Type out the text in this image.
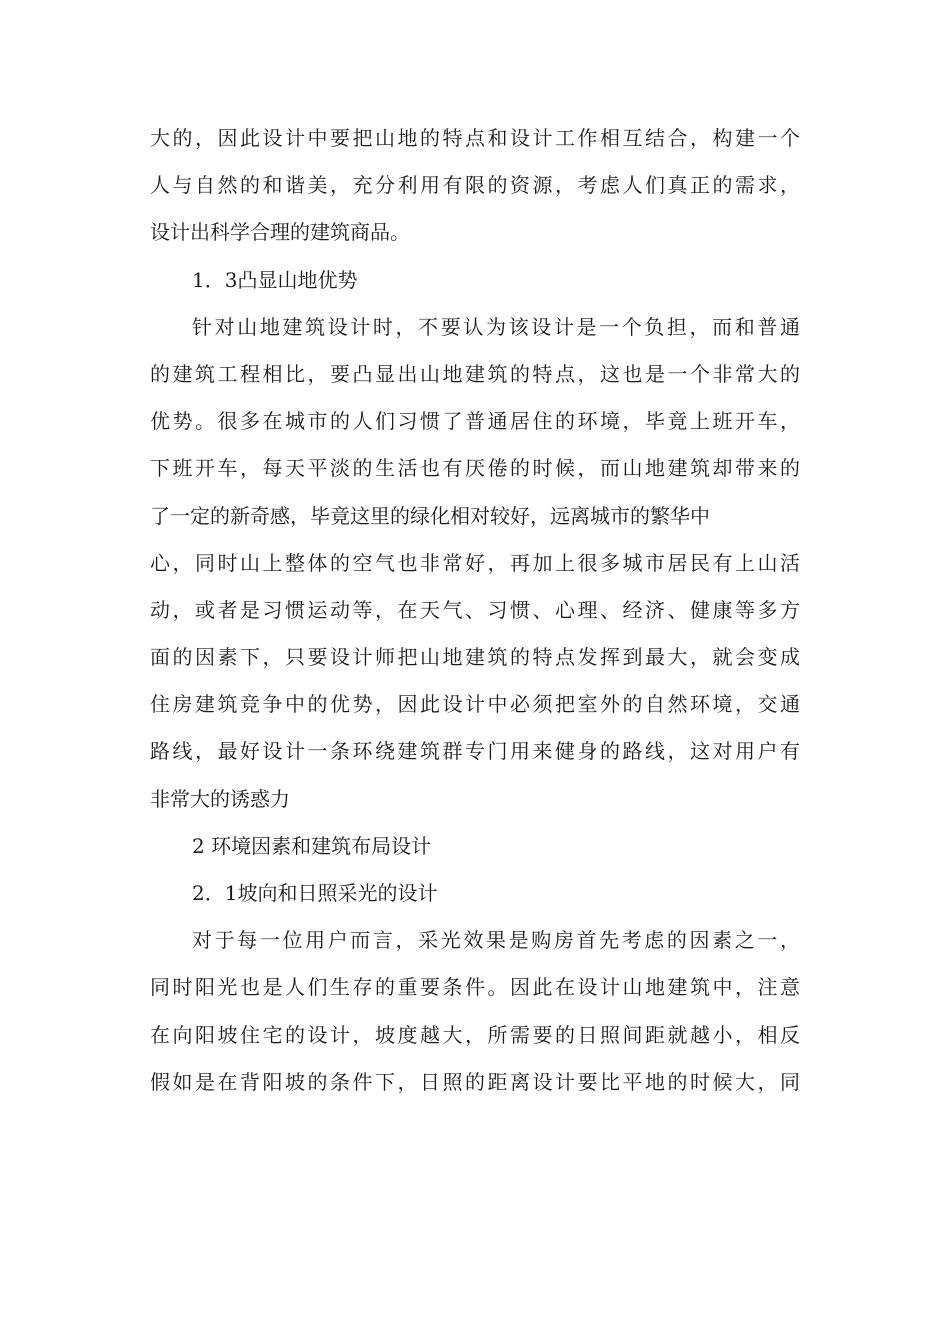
大的，因此设计中要把山地的特点和设计工作相互结合，构建一个
人与自然的和谐美，充分利用有限的资源，考虑人们真正的需求，
设计出科学合理的建筑商品。
1．3凸显山地优势
针对山地建筑设计时，不要认为该设计是一个负担，而和普通
的建筑工程相比，要凸显出山地建筑的特点，这也是一个非常大的
优势。很多在城市的人们习惯了普通居住的环境，毕竟上班开车，
下班开车，每天平淡的生活也有厌倦的时候，而山地建筑却带来的
了一定的新奇感，毕竟这里的绿化相对较好，远离城市的繁华中
心，同时山上整体的空气也非常好，再加上很多城市居民有上山活
动，或者是习惯运动等，在天气、习惯、心理、经济、健康等多方
面的因素下，只要设计师把山地建筑的特点发挥到最大，就会变成
住房建筑竞争中的优势，因此设计中必须把室外的自然环境，交通
路线，最好设计一条环绕建筑群专门用来健身的路线，这对用户有
非常大的诱惑力
2 环境因素和建筑布局设计
2．1坡向和日照采光的设计
对于每一位用户而言，采光效果是购房首先考虑的因素之一，
同时阳光也是人们生存的重要条件。因此在设计山地建筑中，注意
在向阳坡住宅的设计，坡度越大，所需要的日照间距就越小，相反
假如是在背阳坡的条件下，日照的距离设计要比平地的时候大，同
